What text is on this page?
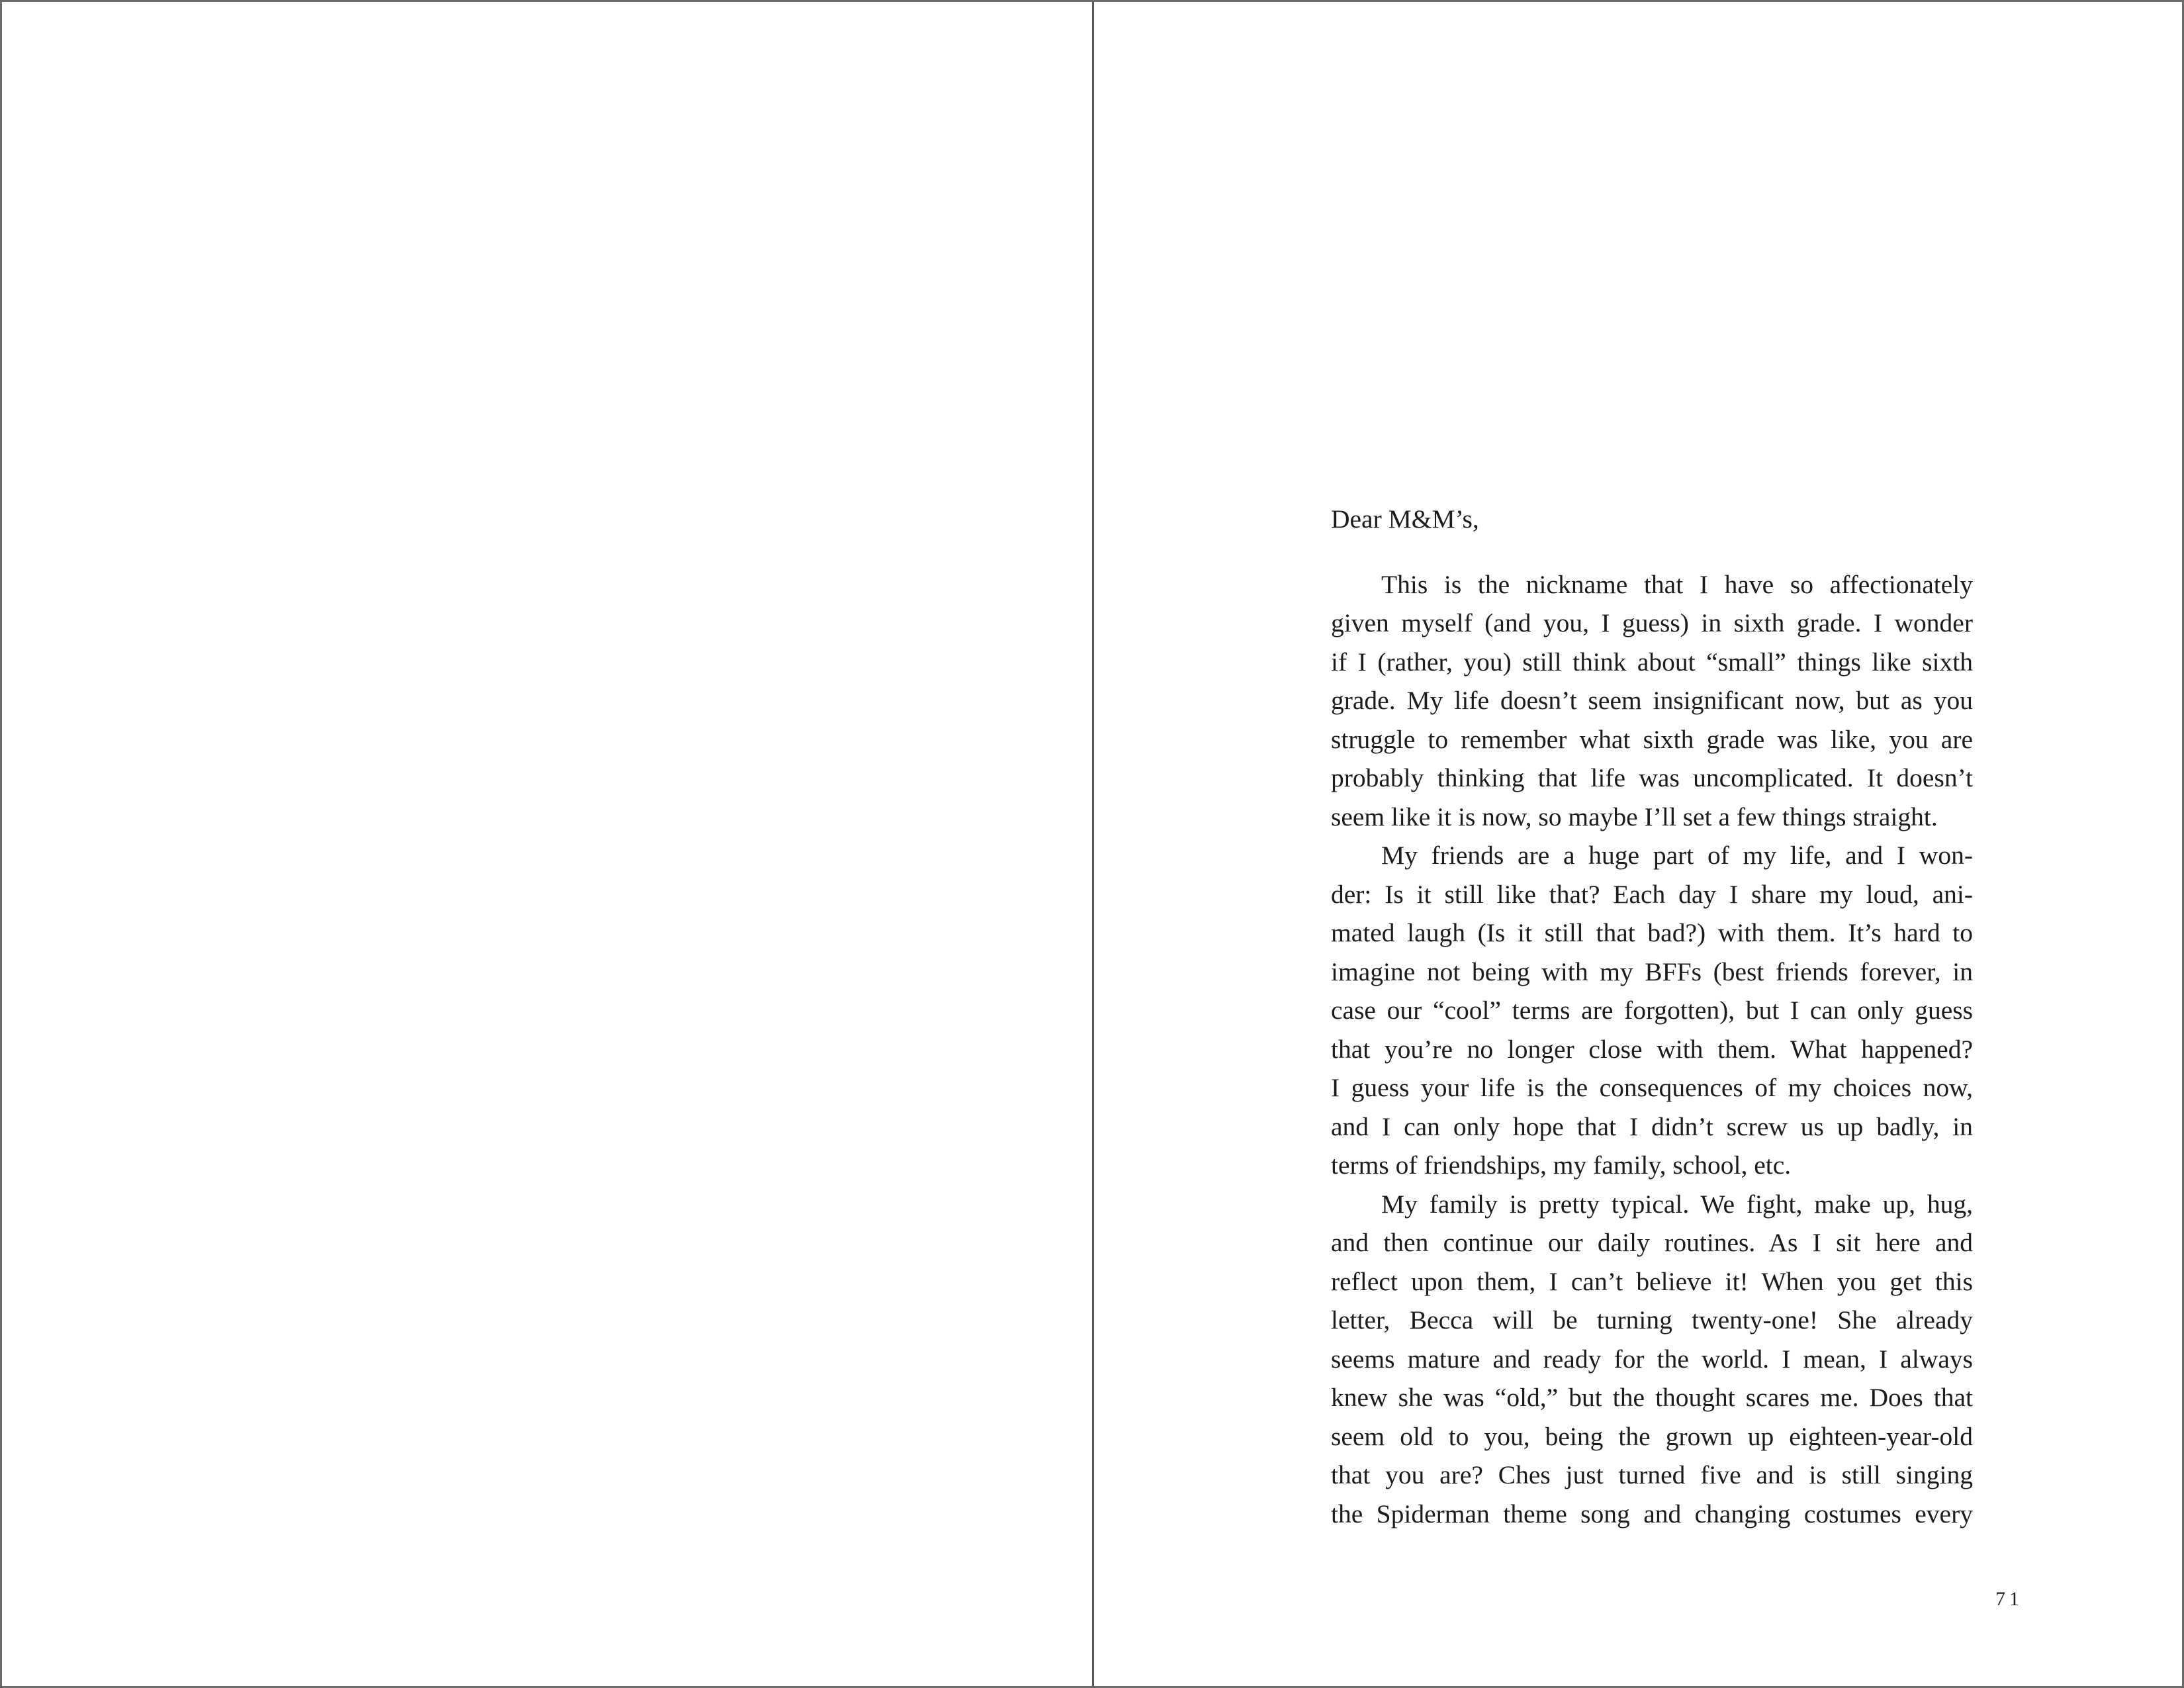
Dear M&M’s,
This is the nickname that I have so affectionately
given myself (and you, I guess) in sixth grade. I wonder
if I (rather, you) still think about “small” things like sixth
grade. My life doesn’t seem insignificant now, but as you
struggle to remember what sixth grade was like, you are
probably thinking that life was uncomplicated. It doesn’t
seem like it is now, so maybe I’ll set a few things straight.
My friends are a huge part of my life, and I won-
der: Is it still like that? Each day I share my loud, ani-
mated laugh (Is it still that bad?) with them. It’s hard to
imagine not being with my BFFs (best friends forever, in
case our “cool” terms are forgotten), but I can only guess
that you’re no longer close with them. What happened?
I guess your life is the consequences of my choices now,
and I can only hope that I didn’t screw us up badly, in
terms of friendships, my family, school, etc.
My family is pretty typical. We fight, make up, hug,
and then continue our daily routines. As I sit here and
reflect upon them, I can’t believe it! When you get this
letter, Becca will be turning twenty-one! She already
seems mature and ready for the world. I mean, I always
knew she was “old,” but the thought scares me. Does that
seem old to you, being the grown up eighteen-year-old
that you are? Ches just turned five and is still singing
the Spiderman theme song and changing costumes every
71
